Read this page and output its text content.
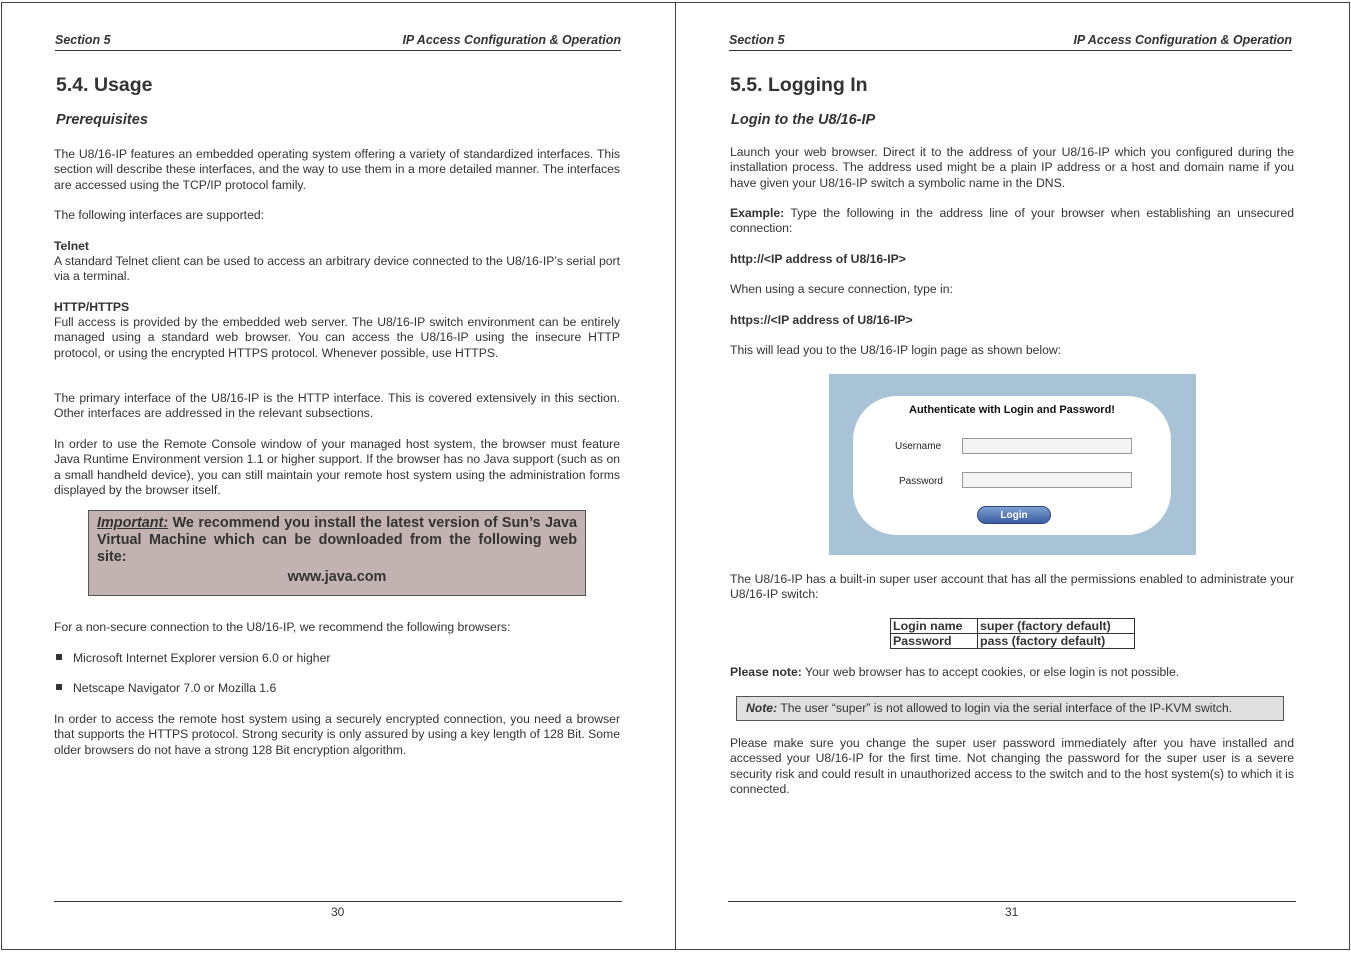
Section 5	IP Access Configuration & Operation
5.4. Usage
Prerequisites

The U8/16-IP features an embedded operating system offering a variety of standardized interfaces. This section will describe these interfaces, and the way to use them in a more detailed manner. The interfaces are accessed using the TCP/IP protocol family.

The following interfaces are supported:

Telnet

A standard Telnet client can be used to access an arbitrary device connected to the U8/16-IP’s serial port via a terminal.

HTTP/HTTPS

Full access is provided by the embedded web server. The U8/16-IP switch environment can be entirely managed using a standard web browser. You can access the U8/16-IP using the insecure HTTP protocol, or using the encrypted HTTPS protocol. Whenever possible, use HTTPS.

The primary interface of the U8/16-IP is the HTTP interface. This is covered extensively in this section. Other interfaces are addressed in the relevant subsections.

In order to use the Remote Console window of your managed host system, the browser must feature Java Runtime Environment version 1.1 or higher support. If the browser has no Java support (such as on a small handheld device), you can still maintain your remote host system using the administration forms displayed by the browser itself.

Important: We recommend you install the latest version of Sun’s Java Virtual Machine which can be downloaded from the following web site:
www.java.com

For a non-secure connection to the U8/16-IP, we recommend the following browsers:

Microsoft Internet Explorer version 6.0 or higher
Netscape Navigator 7.0 or Mozilla 1.6

In order to access the remote host system using a securely encrypted connection, you need a browser that supports the HTTPS protocol. Strong security is only assured by using a key length of 128 Bit. Some older browsers do not have a strong 128 Bit encryption algorithm.

30
Section 5	IP Access Configuration & Operation
5.5. Logging In
Login to the U8/16-IP

Launch your web browser. Direct it to the address of your U8/16-IP which you configured during the installation process. The address used might be a plain IP address or a host and domain name if you have given your U8/16-IP switch a symbolic name in the DNS.

Example: Type the following in the address line of your browser when establishing an unsecured connection:

http://<IP address of U8/16-IP>

When using a secure connection, type in:

https://<IP address of U8/16-IP>

This will lead you to the U8/16-IP login page as shown below:

Authenticate with Login and Password!
Username
Password
Login

The U8/16-IP has a built-in super user account that has all the permissions enabled to administrate your U8/16-IP switch:

Login name	super (factory default)
Password	pass (factory default)

Please note: Your web browser has to accept cookies, or else login is not possible.

Note: The user “super” is not allowed to login via the serial interface of the IP-KVM switch.

Please make sure you change the super user password immediately after you have installed and accessed your U8/16-IP for the first time. Not changing the password for the super user is a severe security risk and could result in unauthorized access to the switch and to the host system(s) to which it is connected.

31
